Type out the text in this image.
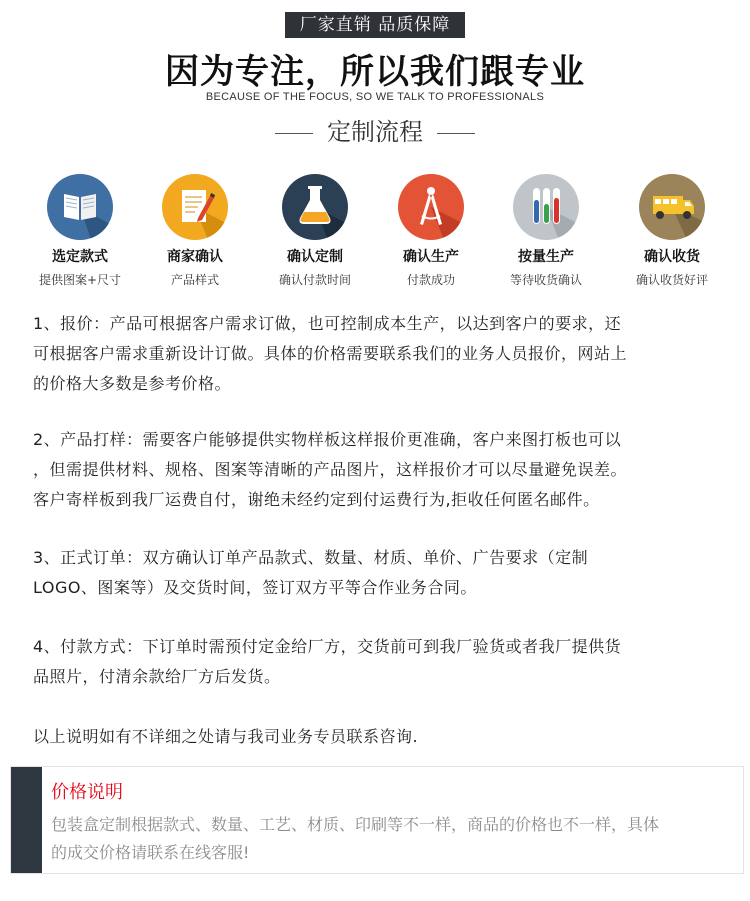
厂家直销 品质保障
因为专注，所以我们跟专业
BECAUSE OF THE FOCUS, SO WE TALK TO PROFESSIONALS
定制流程
选定款式
提供图案+尺寸
商家确认
产品样式
确认定制
确认付款时间
确认生产
付款成功
按量生产
等待收货确认
确认收货
确认收货好评
1、报价：产品可根据客户需求订做，也可控制成本生产，以达到客户的要求，还
可根据客户需求重新设计订做。具体的价格需要联系我们的业务人员报价，网站上
的价格大多数是参考价格。
2、产品打样：需要客户能够提供实物样板这样报价更准确，客户来图打板也可以
，但需提供材料、规格、图案等清晰的产品图片，这样报价才可以尽量避免误差。
客户寄样板到我厂运费自付，谢绝未经约定到付运费行为,拒收任何匿名邮件。
3、正式订单：双方确认订单产品款式、数量、材质、单价、广告要求（定制
LOGO、图案等）及交货时间，签订双方平等合作业务合同。
4、付款方式：下订单时需预付定金给厂方，交货前可到我厂验货或者我厂提供货
品照片，付清余款给厂方后发货。
以上说明如有不详细之处请与我司业务专员联系咨询.
价格说明
包装盒定制根据款式、数量、工艺、材质、印刷等不一样，商品的价格也不一样，具体
的成交价格请联系在线客服!
